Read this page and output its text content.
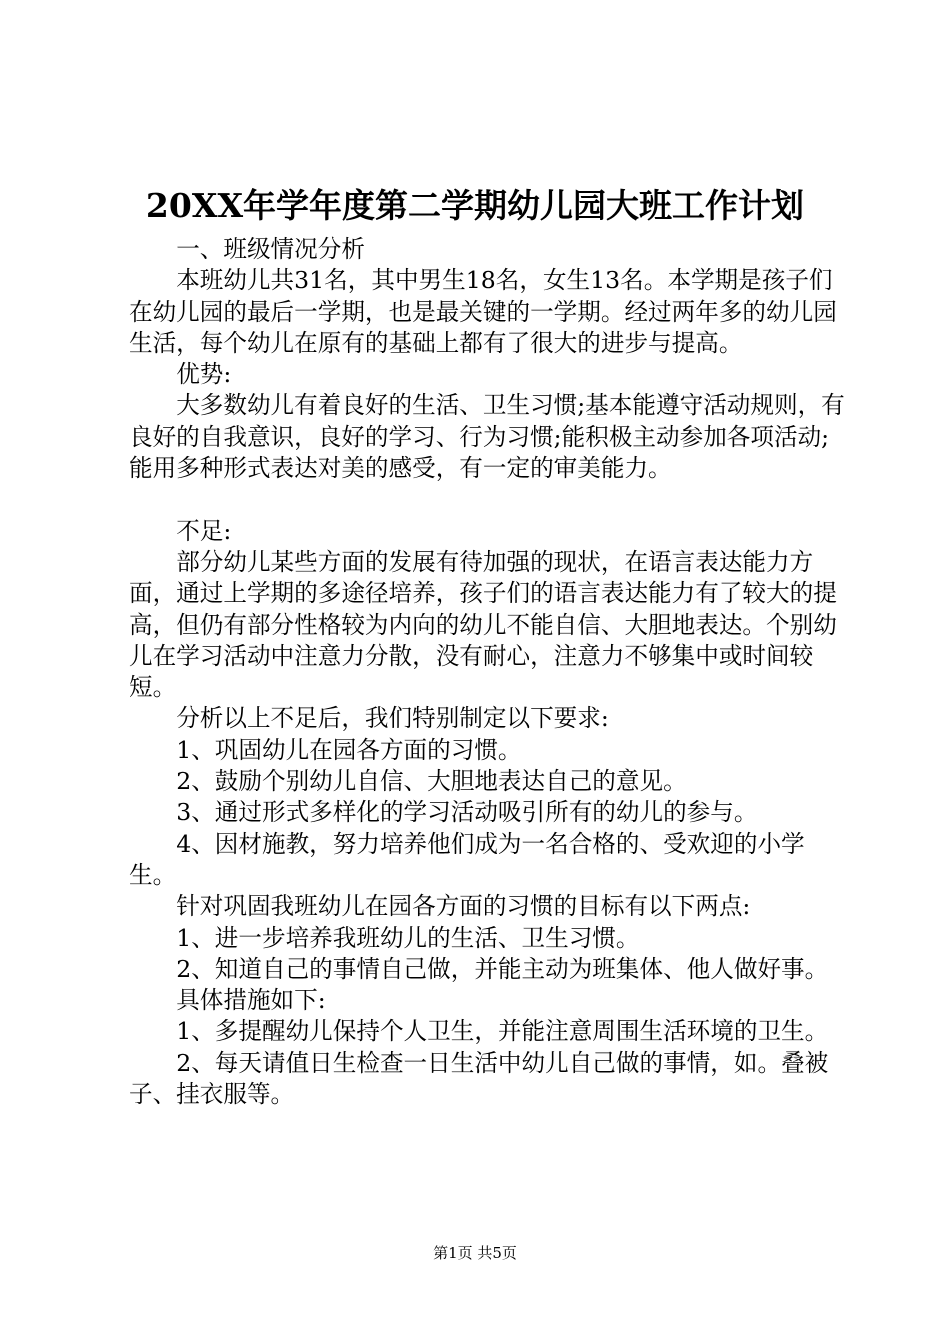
20XX年学年度第二学期幼儿园大班工作计划

一、班级情况分析

本班幼儿共31名，其中男生18名，女生13名。本学期是孩子们在幼儿园的最后一学期，也是最关键的一学期。经过两年多的幼儿园生活，每个幼儿在原有的基础上都有了很大的进步与提高。

优势:

大多数幼儿有着良好的生活、卫生习惯;基本能遵守活动规则，有良好的自我意识，良好的学习、行为习惯;能积极主动参加各项活动;能用多种形式表达对美的感受，有一定的审美能力。

不足:

部分幼儿某些方面的发展有待加强的现状，在语言表达能力方面，通过上学期的多途径培养，孩子们的语言表达能力有了较大的提高，但仍有部分性格较为内向的幼儿不能自信、大胆地表达。个别幼儿在学习活动中注意力分散，没有耐心，注意力不够集中或时间较短。

分析以上不足后，我们特别制定以下要求:

1、巩固幼儿在园各方面的习惯。

2、鼓励个别幼儿自信、大胆地表达自己的意见。

3、通过形式多样化的学习活动吸引所有的幼儿的参与。

4、因材施教，努力培养他们成为一名合格的、受欢迎的小学生。

针对巩固我班幼儿在园各方面的习惯的目标有以下两点:

1、进一步培养我班幼儿的生活、卫生习惯。

2、知道自己的事情自己做，并能主动为班集体、他人做好事。

具体措施如下:

1、多提醒幼儿保持个人卫生，并能注意周围生活环境的卫生。

2、每天请值日生检查一日生活中幼儿自己做的事情，如。叠被子、挂衣服等。

第1页 共5页
